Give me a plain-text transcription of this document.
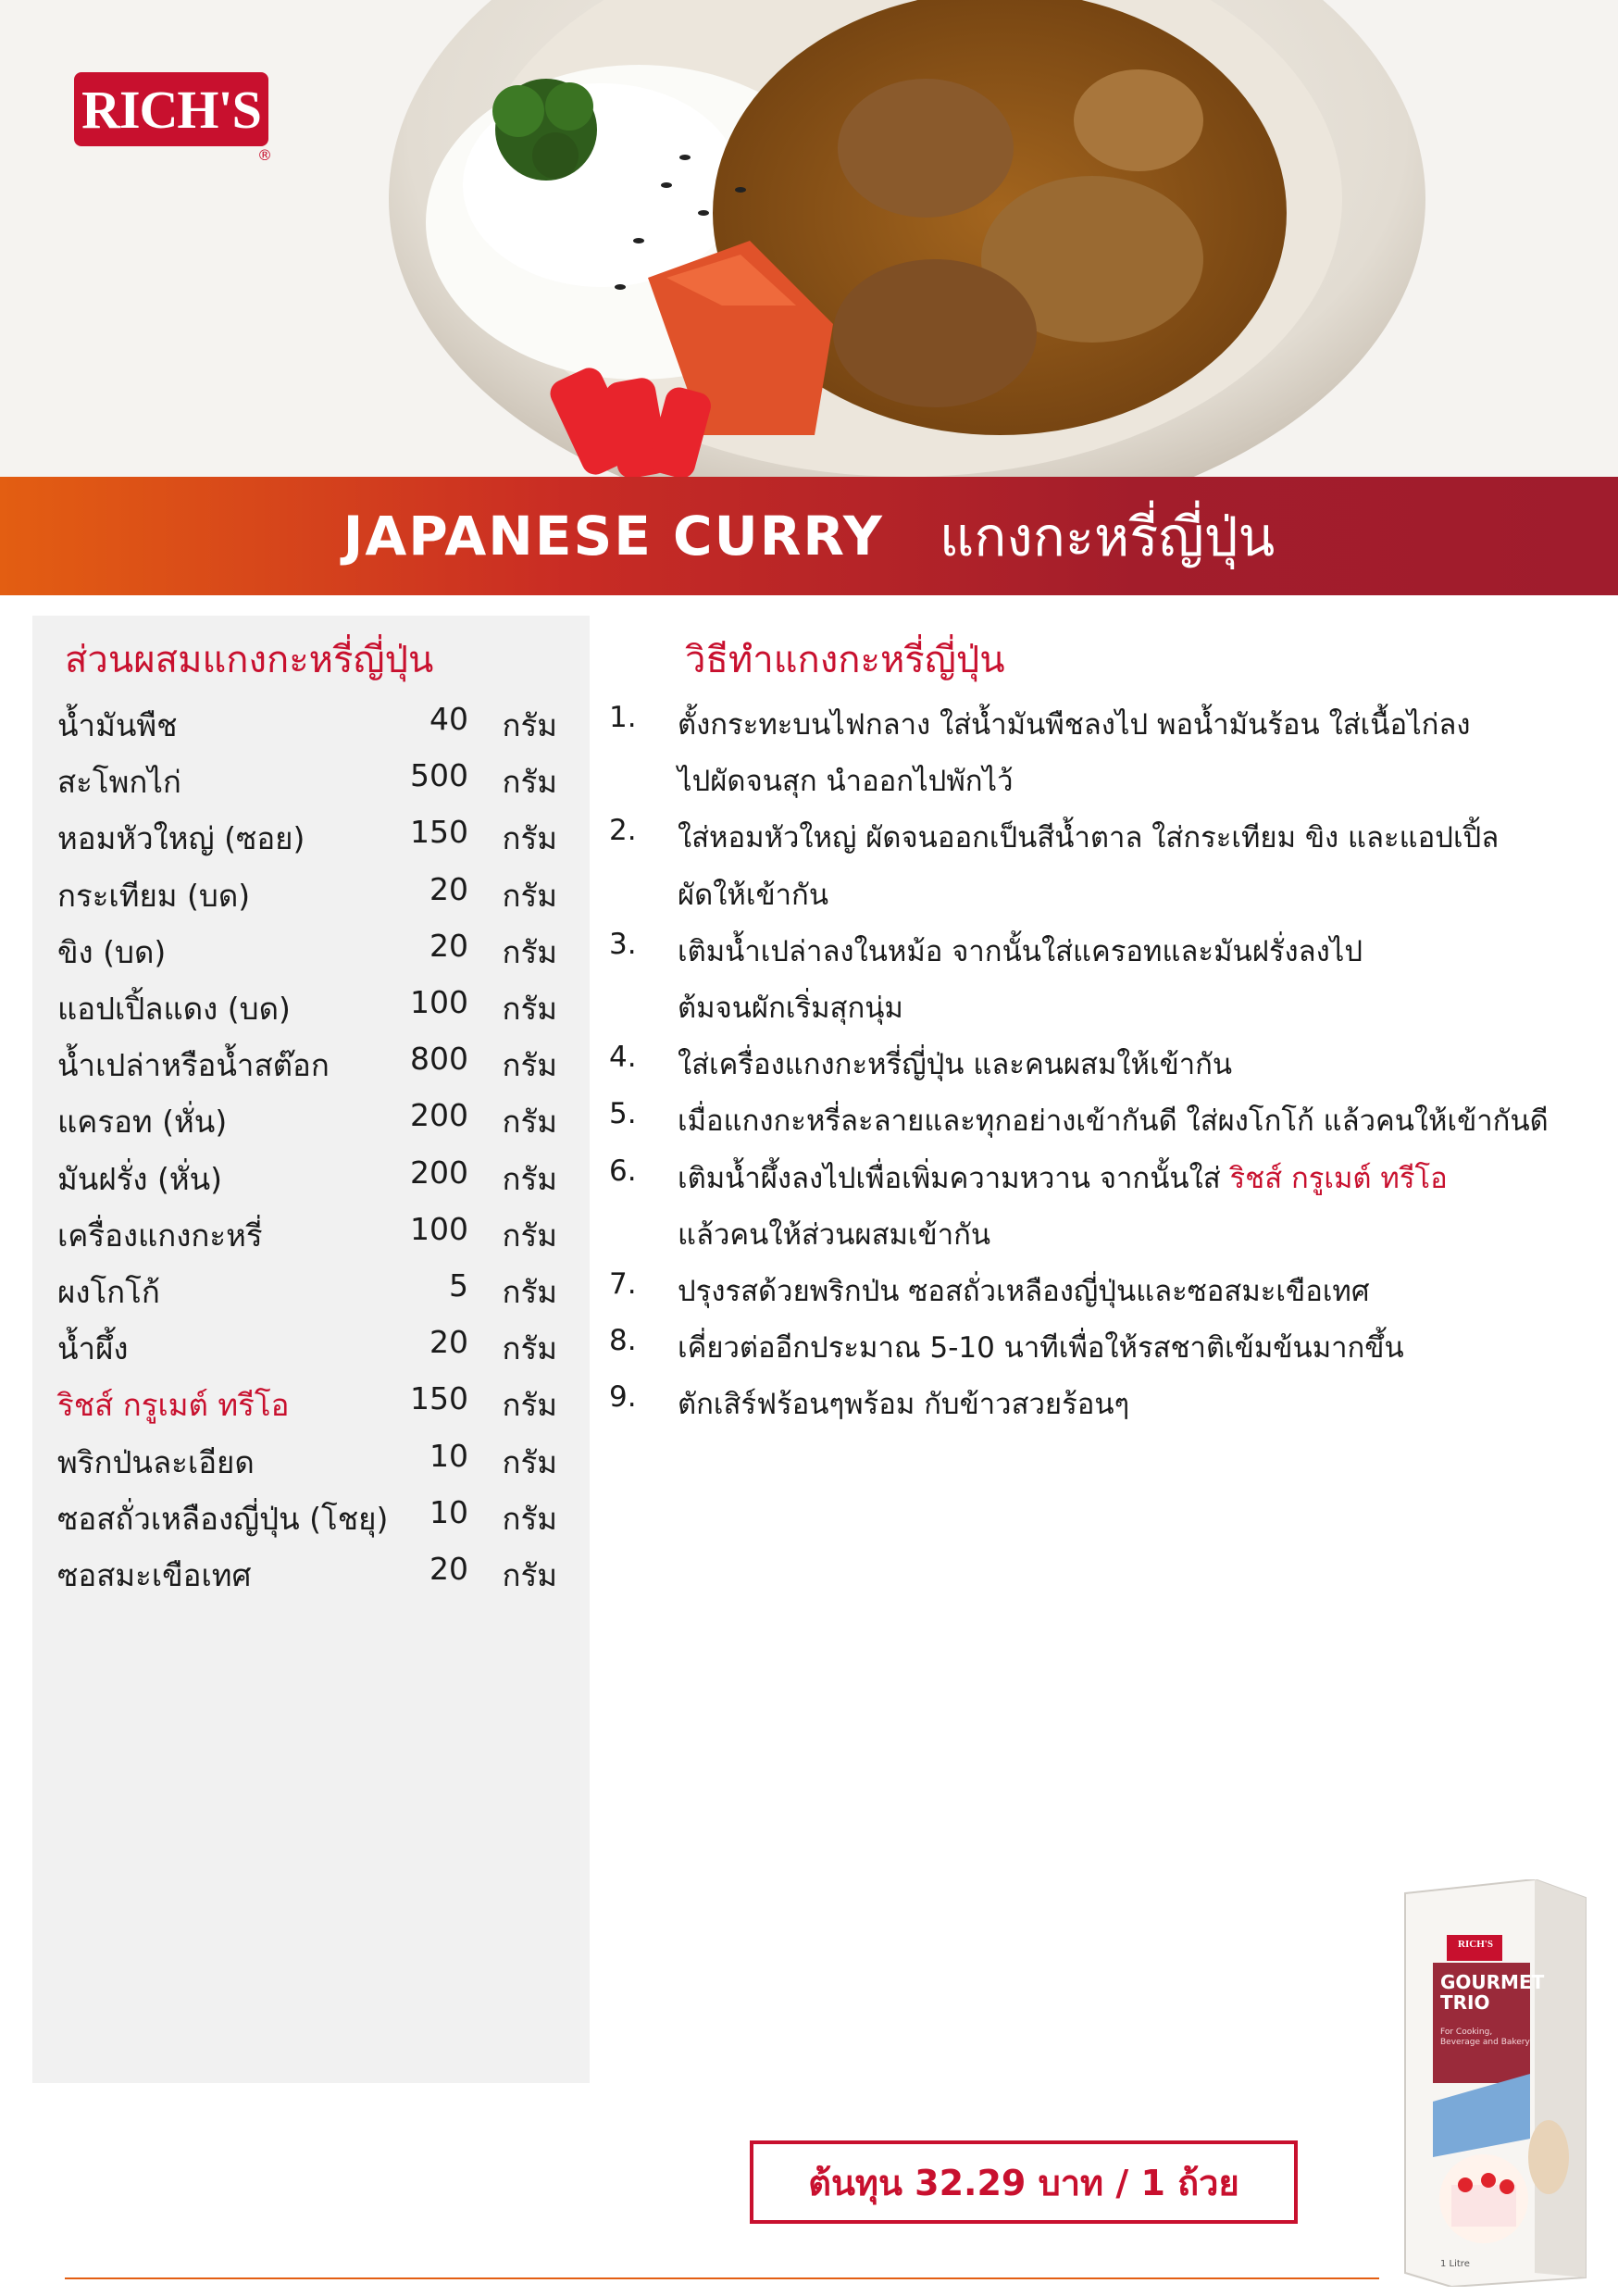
RICH'S
®
JAPANESE CURRY แกงกะหรี่ญี่ปุ่น
ส่วนผสมแกงกะหรี่ญี่ปุ่น
น้ำมันพืช	40 กรัม
สะโพกไก่	500 กรัม
หอมหัวใหญ่ (ซอย)	150 กรัม
กระเทียม (บด)	20 กรัม
ขิง (บด)	20 กรัม
แอปเปิ้ลแดง (บด)	100 กรัม
น้ำเปล่าหรือน้ำสต๊อก	800 กรัม
แครอท (หั่น)	200 กรัม
มันฝรั่ง (หั่น)	200 กรัม
เครื่องแกงกะหรี่	100 กรัม
ผงโกโก้	5 กรัม
น้ำผึ้ง	20 กรัม
ริชส์ กรูเมต์ ทรีโอ	150 กรัม
พริกป่นละเอียด	10 กรัม
ซอสถั่วเหลืองญี่ปุ่น (โชยุ) 10 กรัม
ซอสมะเขือเทศ	20 กรัม
วิธีทำแกงกะหรี่ญี่ปุ่น
1. ตั้งกระทะบนไฟกลาง ใส่น้ำมันพืชลงไป พอน้ำมันร้อน ใส่เนื้อไก่ลง
ไปผัดจนสุก นำออกไปพักไว้
2. ใส่หอมหัวใหญ่ ผัดจนออกเป็นสีน้ำตาล ใส่กระเทียม ขิง และแอปเปิ้ล
ผัดให้เข้ากัน
3. เติมน้ำเปล่าลงในหม้อ จากนั้นใส่แครอทและมันฝรั่งลงไป
ต้มจนผักเริ่มสุกนุ่ม
4. ใส่เครื่องแกงกะหรี่ญี่ปุ่น และคนผสมให้เข้ากัน
5. เมื่อแกงกะหรี่ละลายและทุกอย่างเข้ากันดี ใส่ผงโกโก้ แล้วคนให้เข้ากันดี
6. เติมน้ำผึ้งลงไปเพื่อเพิ่มความหวาน จากนั้นใส่ ริชส์ กรูเมต์ ทรีโอ
แล้วคนให้ส่วนผสมเข้ากัน
7. ปรุงรสด้วยพริกป่น ซอสถั่วเหลืองญี่ปุ่นและซอสมะเขือเทศ
8. เคี่ยวต่ออีกประมาณ 5-10 นาทีเพื่อให้รสชาติเข้มข้นมากขึ้น
9. ตักเสิร์ฟร้อนๆพร้อม กับข้าวสวยร้อนๆ
ต้นทุน 32.29 บาท / 1 ถ้วย
RICH'S
GOURMET
TRIO
For Cooking,
Beverage and Bakery
1 Litre
